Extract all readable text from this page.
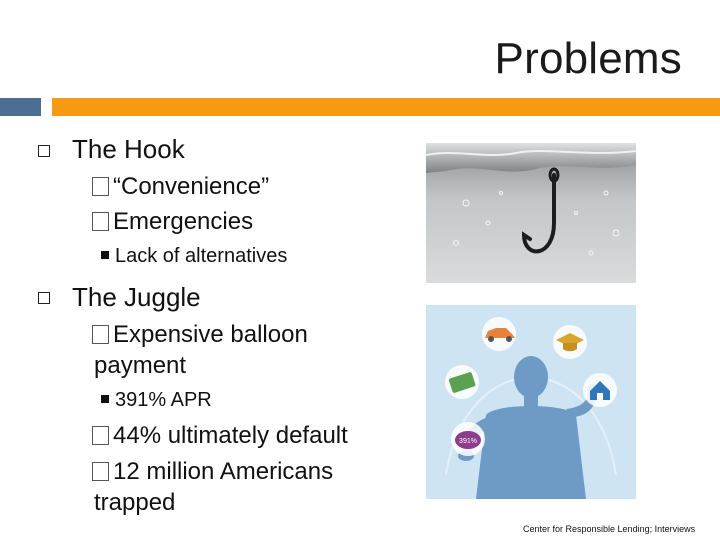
Problems
The Hook
“Convenience”
Emergencies
Lack of alternatives
The Juggle
Expensive balloon
payment
391% APR
44% ultimately default
12 million Americans
trapped
391%
Center for Responsible Lending; Interviews
